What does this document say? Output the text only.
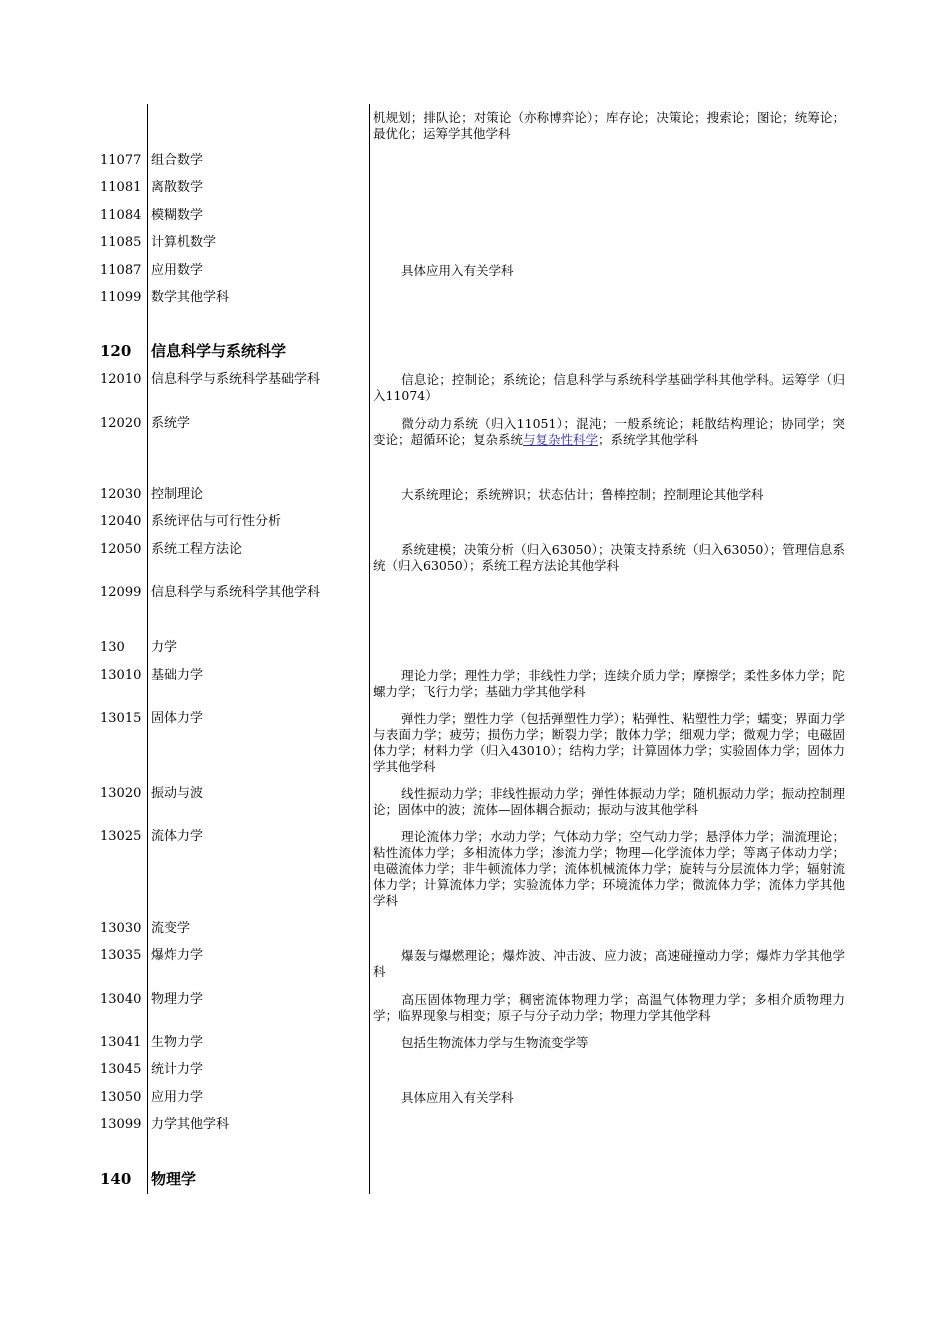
机规划；排队论；对策论（亦称博弈论）；库存论；决策论；搜索论；图论；统筹论；最优化；运筹学其他学科
11077 组合数学
11081 离散数学
11084 模糊数学
11085 计算机数学
11087 应用数学	具体应用入有关学科
11099 数学其他学科
120	信息科学与系统科学
12010 信息科学与系统科学基础学科	信息论；控制论；系统论；信息科学与系统科学基础学科其他学科。运筹学（归入11074）
12020 系统学	微分动力系统（归入11051）；混沌；一般系统论；耗散结构理论；协同学；突变论；超循环论；复杂系统与复杂性科学；系统学其他学科
12030 控制理论	大系统理论；系统辨识；状态估计；鲁棒控制；控制理论其他学科
12040 系统评估与可行性分析
12050 系统工程方法论	系统建模；决策分析（归入63050）；决策支持系统（归入63050）；管理信息系统（归入63050）；系统工程方法论其他学科
12099 信息科学与系统科学其他学科
130	力学
13010 基础力学	理论力学；理性力学；非线性力学；连续介质力学；摩擦学；柔性多体力学；陀螺力学；飞行力学；基础力学其他学科
13015 固体力学	弹性力学；塑性力学（包括弹塑性力学）；粘弹性、粘塑性力学；蠕变；界面力学与表面力学；疲劳；损伤力学；断裂力学；散体力学；细观力学；微观力学；电磁固体力学；材料力学（归入43010）；结构力学；计算固体力学；实验固体力学；固体力学其他学科
13020 振动与波	线性振动力学；非线性振动力学；弹性体振动力学；随机振动力学；振动控制理论；固体中的波；流体—固体耦合振动；振动与波其他学科
13025 流体力学	理论流体力学；水动力学；气体动力学；空气动力学；悬浮体力学；湍流理论；粘性流体力学；多相流体力学；渗流力学；物理—化学流体力学；等离子体动力学；电磁流体力学；非牛顿流体力学；流体机械流体力学；旋转与分层流体力学；辐射流体力学；计算流体力学；实验流体力学；环境流体力学；微流体力学；流体力学其他学科
13030 流变学
13035 爆炸力学	爆轰与爆燃理论；爆炸波、冲击波、应力波；高速碰撞动力学；爆炸力学其他学科
13040 物理力学	高压固体物理力学；稠密流体物理力学；高温气体物理力学；多相介质物理力学；临界现象与相变；原子与分子动力学；物理力学其他学科
13041 生物力学	包括生物流体力学与生物流变学等
13045 统计力学
13050 应用力学	具体应用入有关学科
13099 力学其他学科
140	物理学
